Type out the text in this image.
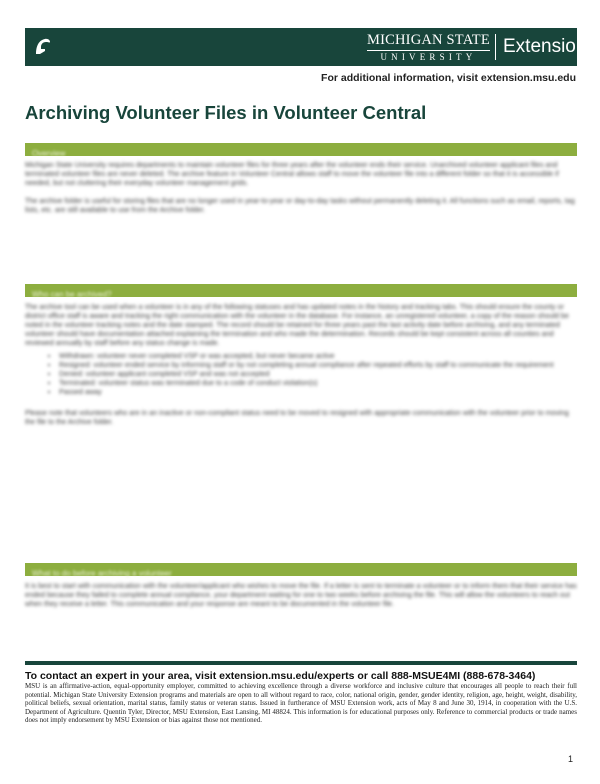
MICHIGAN STATE
UNIVERSITY	Extension
For additional information, visit extension.msu.edu
Archiving Volunteer Files in Volunteer Central
Overview

Michigan State University requires departments to maintain volunteer files for three years after the volunteer ends their service. Unarchived volunteer applicant files and terminated volunteer files are never deleted. The archive feature in Volunteer Central allows staff to move the volunteer file into a different folder so that it is accessible if needed, but not cluttering their everyday volunteer management grids.

The archive folder is useful for storing files that are no longer used in year-to-year or day-to-day tasks without permanently deleting it. All functions such as email, reports, tag lists, etc. are still available to use from the Archive folder.

Who can be archived?

The archive tool can be used when a volunteer is in any of the following statuses and has updated notes in the history and tracking tabs. This should ensure the county or district office staff is aware and tracking the right communication with the volunteer in the database. For instance, an unregistered volunteer, a copy of the reason should be noted in the volunteer tracking notes and the date stamped. The record should be retained for three years past the last activity date before archiving, and any terminated volunteer should have documentation attached explaining the termination and who made the determination. Records should be kept consistent across all counties and reviewed annually by staff before any status change is made.

• Withdrawn: volunteer never completed VSP or was accepted, but never became active
• Resigned: volunteer ended service by informing staff or by not completing annual compliance after repeated efforts by staff to communicate the requirement
• Denied: volunteer applicant completed VSP and was not accepted
• Terminated: volunteer status was terminated due to a code of conduct violation(s)
• Passed away

Please note that volunteers who are in an inactive or non-compliant status need to be moved to resigned with appropriate communication with the volunteer prior to moving the file to the Archive folder.

What to do before archiving a volunteer

It is best to start with communication with the volunteer/applicant who wishes to move the file. If a letter is sent to terminate a volunteer or to inform them that their service has ended because they failed to complete annual compliance, your department waiting for one to two weeks before archiving the file. This will allow the volunteers to reach out when they receive a letter. This communication and your response are meant to be documented in the volunteer file.

To contact an expert in your area, visit extension.msu.edu/experts or call 888-MSUE4MI (888-678-3464)

MSU is an affirmative-action, equal-opportunity employer, committed to achieving excellence through a diverse workforce and inclusive culture that encourages all people to reach their full potential. Michigan State University Extension programs and materials are open to all without regard to race, color, national origin, gender, gender identity, religion, age, height, weight, disability, political beliefs, sexual orientation, marital status, family status or veteran status. Issued in furtherance of MSU Extension work, acts of May 8 and June 30, 1914, in cooperation with the U.S. Department of Agriculture. Quentin Tyler, Director, MSU Extension, East Lansing, MI 48824. This information is for educational purposes only. Reference to commercial products or trade names does not imply endorsement by MSU Extension or bias against those not mentioned.

1
